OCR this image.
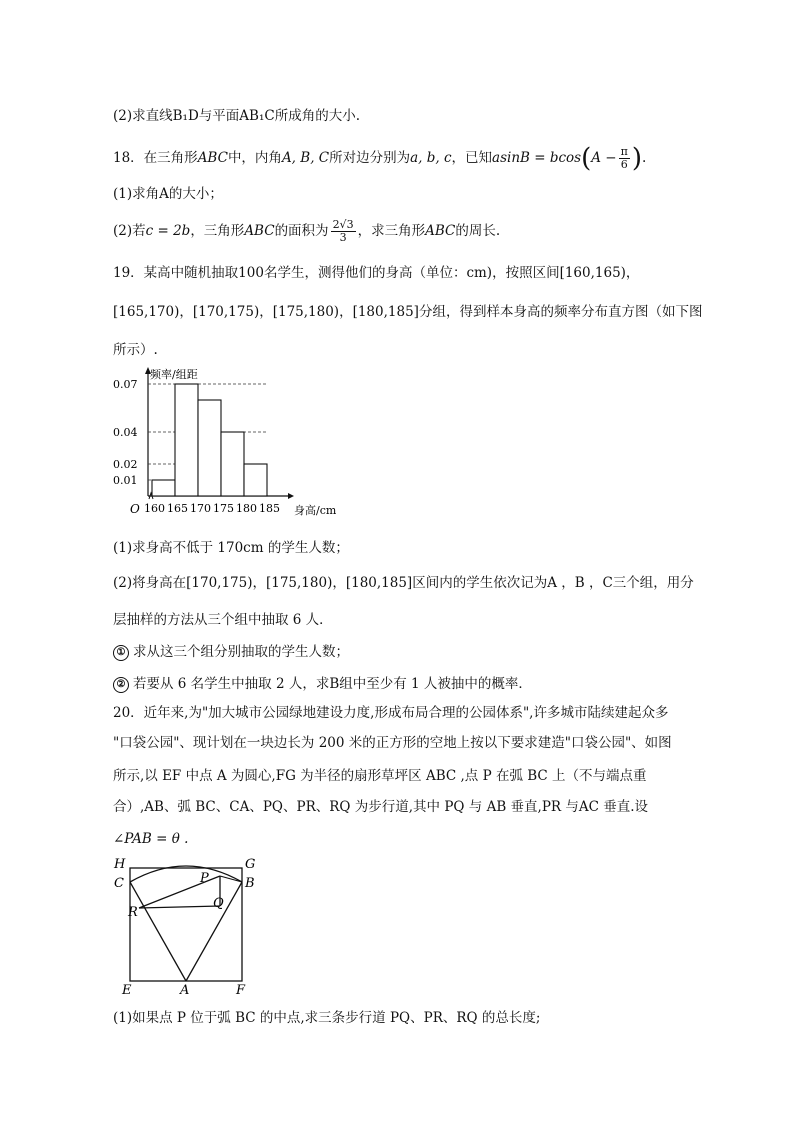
(2)求直线B₁D与平面AB₁C所成角的大小.
18．在三角形ABC中，内角A, B, C所对边分别为a, b, c，已知$asinB = bcos(A - \frac{\pi}{6}$ ).
(1)求角A的大小；
(2)若c = 2b，三角形ABC的面积为 $\frac{2√3}{3}$ ，求三角形ABC的周长.
19．某高中随机抽取100名学生，测得他们的身高（单位：cm)，按照区间[160,165)，
[165,170)，[170,175)，[175,180)，[180,185]分组，得到样本身高的频率分布直方图（如下图
所示）.
频率/组距
身高/cm
O
0.01
0.02
0.04
0.07
160 165 170 175 180 185
(1)求身高不低于 170cm 的学生人数；
(2)将身高在[170,175)，[175,180)，[180,185]区间内的学生依次记为A ，B ，C三个组，用分
层抽样的方法从三个组中抽取 6 人．
① 求从这三个组分别抽取的学生人数；
② 若要从 6 名学生中抽取 2 人，求B组中至少有 1 人被抽中的概率．
20．近年来,为"加大城市公园绿地建设力度,形成布局合理的公园体系",许多城市陆续建起众多
"口袋公园"、现计划在一块边长为 200 米的正方形的空地上按以下要求建造"口袋公园"、如图
所示,以 EF 中点 A 为圆心,FG 为半径的扇形草坪区 ABC ,点 P 在弧 BC 上（不与端点重
合）,AB、弧 BC、CA、PQ、PR、RQ 为步行道,其中 PQ 与 AB 垂直,PR 与AC 垂直.设
∠PAB = θ .
H	G
C	B
P
Q
R
E	A	F
(1)如果点 P 位于弧 BC 的中点,求三条步行道 PQ、PR、RQ 的总长度;
